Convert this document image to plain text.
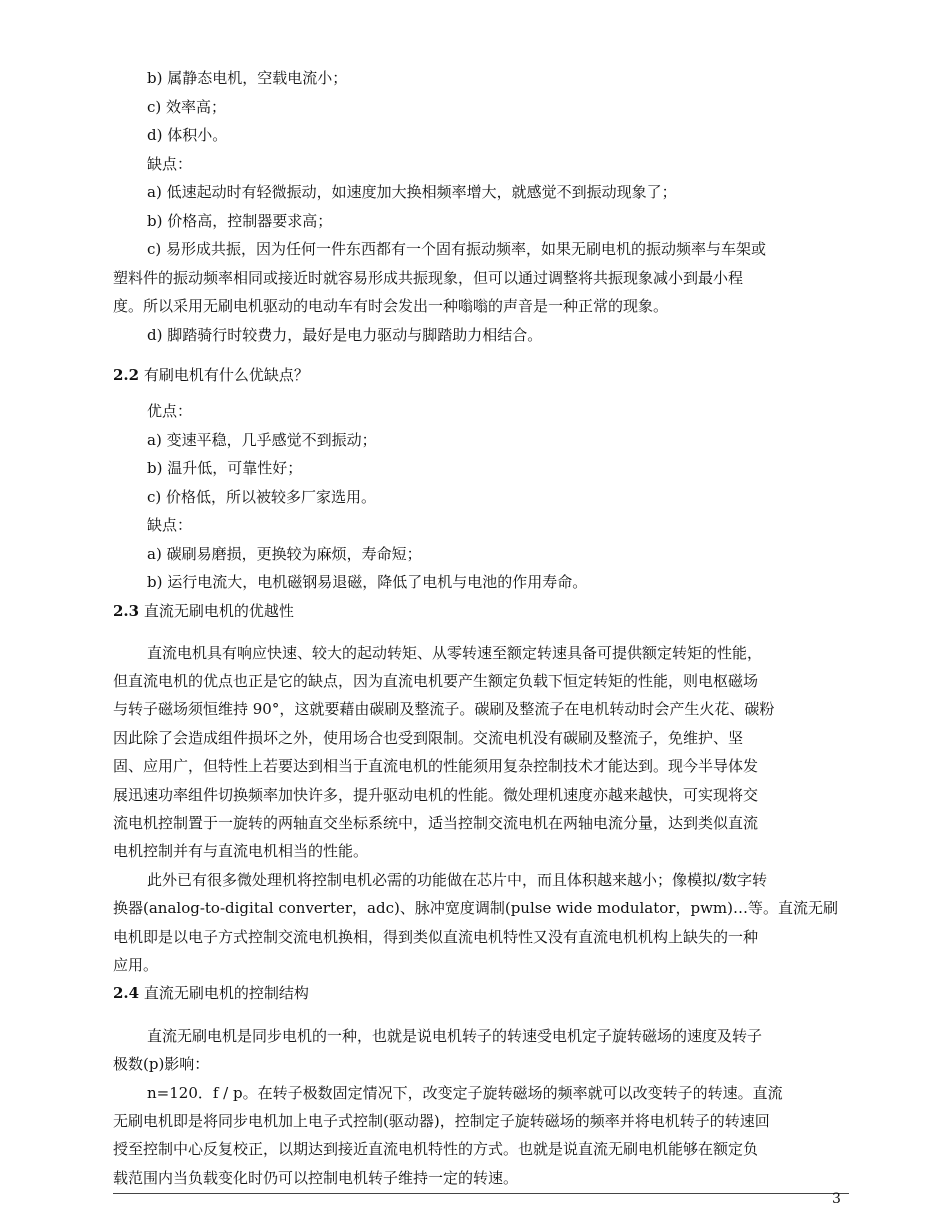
b) 属静态电机，空载电流小；
c) 效率高；
d) 体积小。
缺点：
a) 低速起动时有轻微振动，如速度加大换相频率增大，就感觉不到振动现象了；
b) 价格高，控制器要求高；
c) 易形成共振，因为任何一件东西都有一个固有振动频率，如果无刷电机的振动频率与车架或
塑料件的振动频率相同或接近时就容易形成共振现象，但可以通过调整将共振现象减小到最小程
度。所以采用无刷电机驱动的电动车有时会发出一种嗡嗡的声音是一种正常的现象。
d) 脚踏骑行时较费力，最好是电力驱动与脚踏助力相结合。
2.2 有刷电机有什么优缺点？
优点：
a) 变速平稳，几乎感觉不到振动；
b) 温升低，可靠性好；
c) 价格低，所以被较多厂家选用。
缺点：
a) 碳刷易磨损，更换较为麻烦，寿命短；
b) 运行电流大，电机磁钢易退磁，降低了电机与电池的作用寿命。
2.3 直流无刷电机的优越性
直流电机具有响应快速、较大的起动转矩、从零转速至额定转速具备可提供额定转矩的性能，
但直流电机的优点也正是它的缺点，因为直流电机要产生额定负载下恒定转矩的性能，则电枢磁场
与转子磁场须恒维持 90°，这就要藉由碳刷及整流子。碳刷及整流子在电机转动时会产生火花、碳粉
因此除了会造成组件损坏之外，使用场合也受到限制。交流电机没有碳刷及整流子，免维护、坚
固、应用广，但特性上若要达到相当于直流电机的性能须用复杂控制技术才能达到。现今半导体发
展迅速功率组件切换频率加快许多，提升驱动电机的性能。微处理机速度亦越来越快，可实现将交
流电机控制置于一旋转的两轴直交坐标系统中，适当控制交流电机在两轴电流分量，达到类似直流
电机控制并有与直流电机相当的性能。
此外已有很多微处理机将控制电机必需的功能做在芯片中，而且体积越来越小；像模拟/数字转
换器(analog-to-digital converter，adc)、脉冲宽度调制(pulse wide modulator，pwm)…等。直流无刷
电机即是以电子方式控制交流电机换相，得到类似直流电机特性又没有直流电机机构上缺失的一种
应用。
2.4 直流无刷电机的控制结构
直流无刷电机是同步电机的一种，也就是说电机转子的转速受电机定子旋转磁场的速度及转子
极数(p)影响：
n=120．f / p。在转子极数固定情况下，改变定子旋转磁场的频率就可以改变转子的转速。直流
无刷电机即是将同步电机加上电子式控制(驱动器)，控制定子旋转磁场的频率并将电机转子的转速回
授至控制中心反复校正，以期达到接近直流电机特性的方式。也就是说直流无刷电机能够在额定负
载范围内当负载变化时仍可以控制电机转子维持一定的转速。
3
